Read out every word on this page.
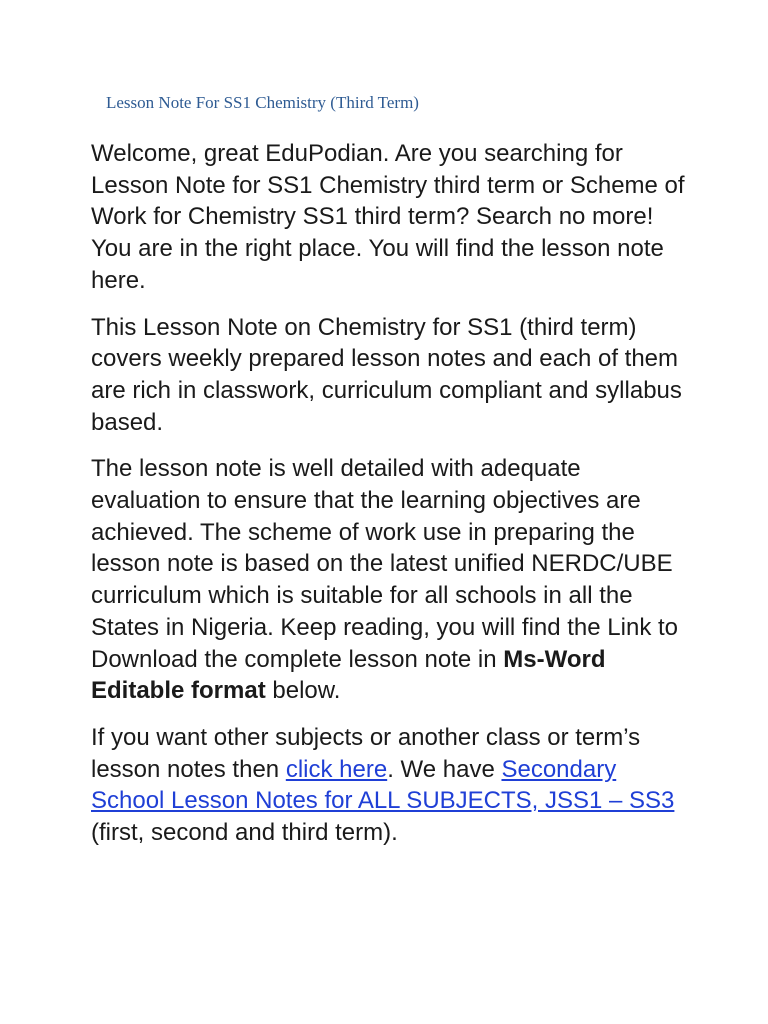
Lesson Note For SS1 Chemistry (Third Term)

Welcome, great EduPodian. Are you searching for Lesson Note for SS1 Chemistry third term or Scheme of Work for Chemistry SS1 third term? Search no more! You are in the right place. You will find the lesson note here.

This Lesson Note on Chemistry for SS1 (third term) covers weekly prepared lesson notes and each of them are rich in classwork, curriculum compliant and syllabus based.

The lesson note is well detailed with adequate evaluation to ensure that the learning objectives are achieved. The scheme of work use in preparing the lesson note is based on the latest unified NERDC/UBE curriculum which is suitable for all schools in all the States in Nigeria. Keep reading, you will find the Link to Download the complete lesson note in Ms-Word Editable format below.

If you want other subjects or another class or term’s lesson notes then click here. We have Secondary School Lesson Notes for ALL SUBJECTS, JSS1 – SS3 (first, second and third term).
